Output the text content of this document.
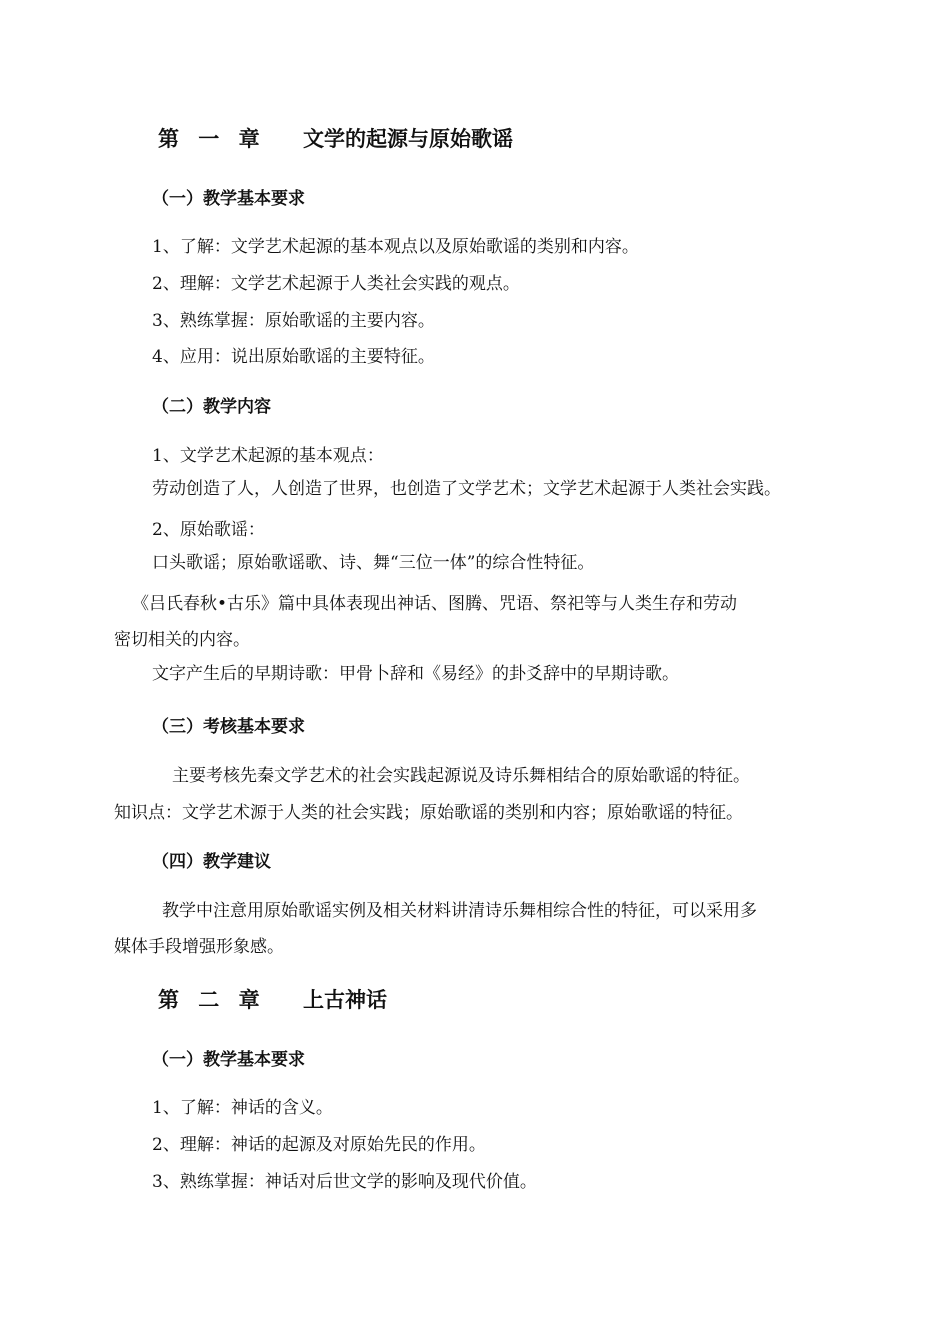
第 一 章 文学的起源与原始歌谣
（一）教学基本要求
1、了解：文学艺术起源的基本观点以及原始歌谣的类别和内容。
2、理解：文学艺术起源于人类社会实践的观点。
3、熟练掌握：原始歌谣的主要内容。
4、应用：说出原始歌谣的主要特征。
（二）教学内容
1、文学艺术起源的基本观点：
劳动创造了人，人创造了世界，也创造了文学艺术；文学艺术起源于人类社会实践。
2、原始歌谣：
口头歌谣；原始歌谣歌、诗、舞“三位一体”的综合性特征。
《吕氏春秋•古乐》篇中具体表现出神话、图腾、咒语、祭祀等与人类生存和劳动
密切相关的内容。
文字产生后的早期诗歌：甲骨卜辞和《易经》的卦爻辞中的早期诗歌。
（三）考核基本要求
主要考核先秦文学艺术的社会实践起源说及诗乐舞相结合的原始歌谣的特征。
知识点：文学艺术源于人类的社会实践；原始歌谣的类别和内容；原始歌谣的特征。
（四）教学建议
教学中注意用原始歌谣实例及相关材料讲清诗乐舞相综合性的特征，可以采用多
媒体手段增强形象感。
第 二 章 上古神话
（一）教学基本要求
1、了解：神话的含义。
2、理解：神话的起源及对原始先民的作用。
3、熟练掌握：神话对后世文学的影响及现代价值。
